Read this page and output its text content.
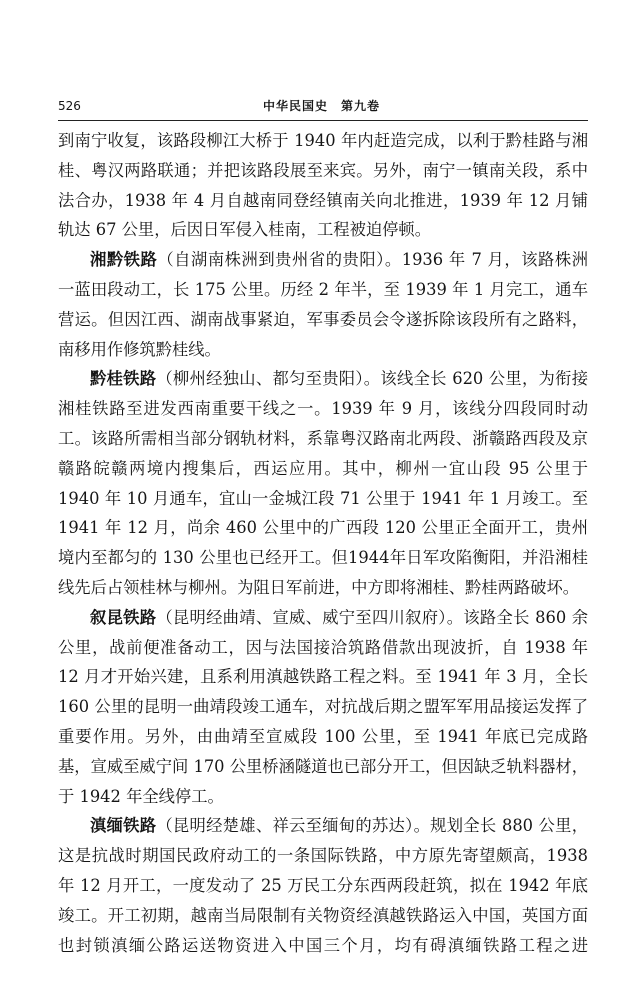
526	中华民国史　第九卷

到南宁收复，该路段柳江大桥于 1940 年内赶造完成，以利于黔桂路与湘桂、粤汉两路联通；并把该路段展至来宾。另外，南宁一镇南关段，系中法合办，1938 年 4 月自越南同登经镇南关向北推进，1939 年 12 月铺轨达 67 公里，后因日军侵入桂南，工程被迫停顿。

湘黔铁路（自湖南株洲到贵州省的贵阳）。1936 年 7 月，该路株洲一蓝田段动工，长 175 公里。历经 2 年半，至 1939 年 1 月完工，通车营运。但因江西、湖南战事紧迫，军事委员会令遂拆除该段所有之路料，南移用作修筑黔桂线。

黔桂铁路（柳州经独山、都匀至贵阳）。该线全长 620 公里，为衔接湘桂铁路至进发西南重要干线之一。1939 年 9 月，该线分四段同时动工。该路所需相当部分钢轨材料，系靠粤汉路南北两段、浙赣路西段及京赣路皖赣两境内搜集后，西运应用。其中，柳州一宜山段 95 公里于 1940 年 10 月通车，宜山一金城江段 71 公里于 1941 年 1 月竣工。至 1941 年 12 月，尚余 460 公里中的广西段 120 公里正全面开工，贵州境内至都匀的 130 公里也已经开工。但1944年日军攻陷衡阳，并沿湘桂线先后占领桂林与柳州。为阻日军前进，中方即将湘桂、黔桂两路破坏。

叙昆铁路（昆明经曲靖、宣威、威宁至四川叙府）。该路全长 860 余公里，战前便准备动工，因与法国接洽筑路借款出现波折，自 1938 年 12 月才开始兴建，且系利用滇越铁路工程之料。至 1941 年 3 月，全长 160 公里的昆明一曲靖段竣工通车，对抗战后期之盟军军用品接运发挥了重要作用。另外，由曲靖至宣威段 100 公里，至 1941 年底已完成路基，宣威至威宁间 170 公里桥涵隧道也已部分开工，但因缺乏轨料器材，于 1942 年全线停工。

滇缅铁路（昆明经楚雄、祥云至缅甸的苏达）。规划全长 880 公里，这是抗战时期国民政府动工的一条国际铁路，中方原先寄望颇高，1938 年 12 月开工，一度发动了 25 万民工分东西两段赶筑，拟在 1942 年底竣工。开工初期，越南当局限制有关物资经滇越铁路运入中国，英国方面也封锁滇缅公路运送物资进入中国三个月，均有碍滇缅铁路工程之进
